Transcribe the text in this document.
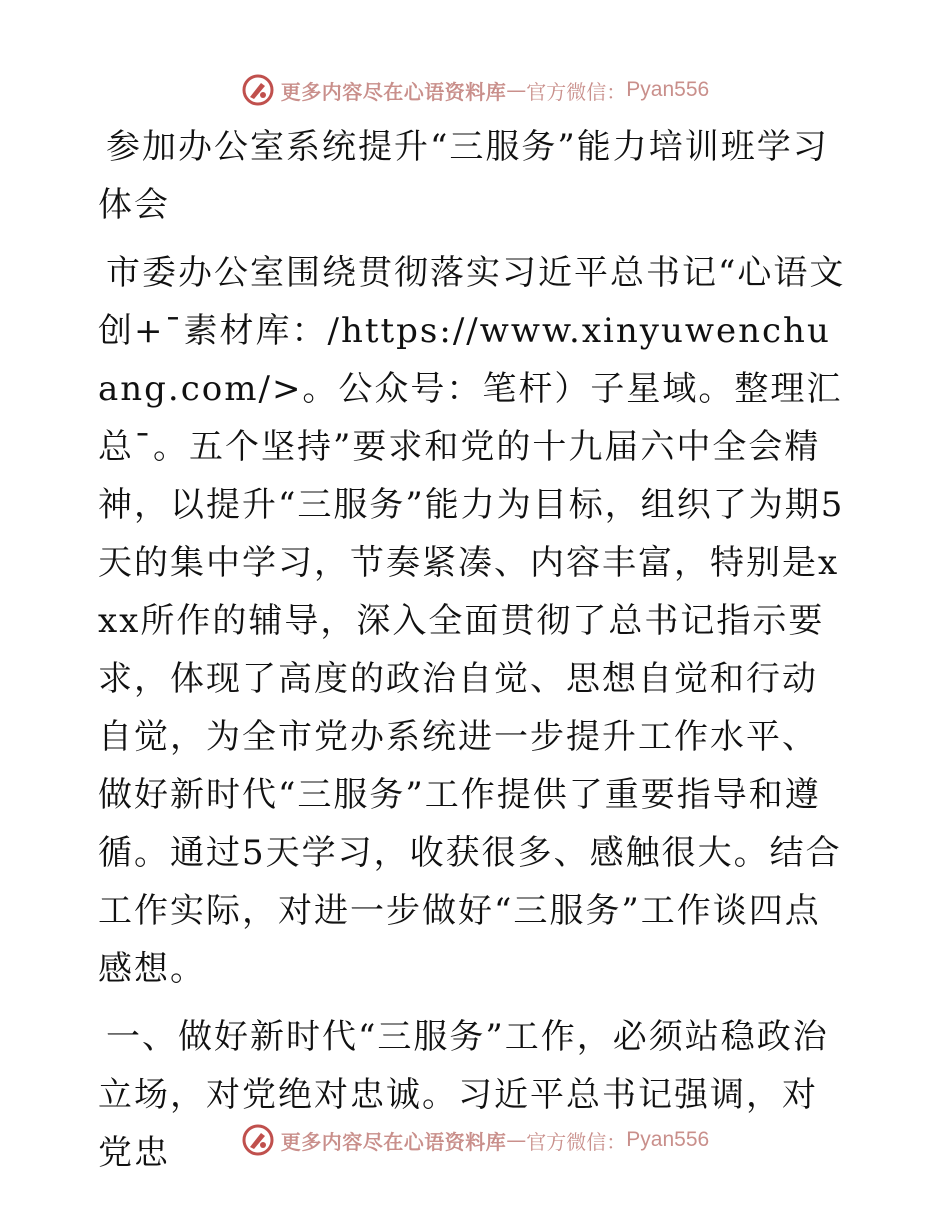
更多内容尽在心语资料库 — 官方微信： Pyan556
参加办公室系统提升“三服务”能力培训班学习体会

市委办公室围绕贯彻落实习近平总书记“心语文创+¯素材库：/https://www.xinyuwenchuang.com/>。公众号：笔杆）子星域。整理汇总¯。五个坚持”要求和党的十九届六中全会精神，以提升“三服务”能力为目标，组织了为期5天的集中学习，节奏紧凑、内容丰富，特别是xxx所作的辅导，深入全面贯彻了总书记指示要求，体现了高度的政治自觉、思想自觉和行动自觉，为全市党办系统进一步提升工作水平、做好新时代“三服务”工作提供了重要指导和遵循。通过5天学习，收获很多、感触很大。结合工作实际，对进一步做好“三服务”工作谈四点感想。

一、做好新时代“三服务”工作，必须站稳政治立场，对党绝对忠诚。习近平总书记强调，对党忠	更多内容尽在心语资料库 — 官方微信： Pyan556
